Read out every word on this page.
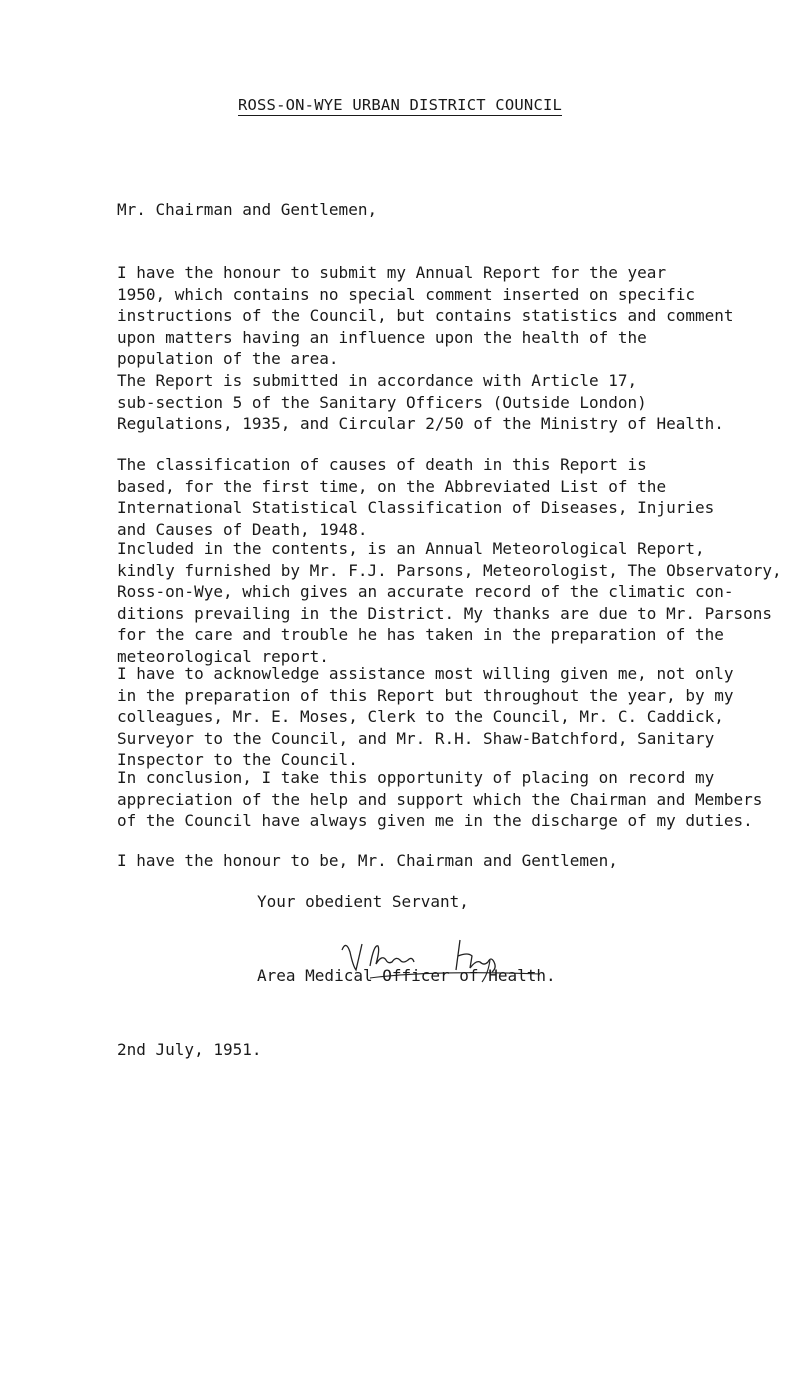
ROSS-ON-WYE URBAN DISTRICT COUNCIL
Mr. Chairman and Gentlemen,

I have the honour to submit my Annual Report for the year
1950, which contains no special comment inserted on specific
instructions of the Council, but contains statistics and comment
upon matters having an influence upon the health of the
population of the area.

The Report is submitted in accordance with Article 17,
sub-section 5 of the Sanitary Officers (Outside London)
Regulations, 1935, and Circular 2/50 of the Ministry of Health.

The classification of causes of death in this Report is
based, for the first time, on the Abbreviated List of the
International Statistical Classification of Diseases, Injuries
and Causes of Death, 1948.

Included in the contents, is an Annual Meteorological Report,
kindly furnished by Mr. F.J. Parsons, Meteorologist, The Observatory,
Ross-on-Wye, which gives an accurate record of the climatic con-
ditions prevailing in the District. My thanks are due to Mr. Parsons
for the care and trouble he has taken in the preparation of the
meteorological report.

I have to acknowledge assistance most willing given me, not only
in the preparation of this Report but throughout the year, by my
colleagues, Mr. E. Moses, Clerk to the Council, Mr. C. Caddick,
Surveyor to the Council, and Mr. R.H. Shaw-Batchford, Sanitary
Inspector to the Council.

In conclusion, I take this opportunity of placing on record my
appreciation of the help and support which the Chairman and Members
of the Council have always given me in the discharge of my duties.

I have the honour to be, Mr. Chairman and Gentlemen,
Your obedient Servant,
Area Medical Officer of Health.
2nd July, 1951.
